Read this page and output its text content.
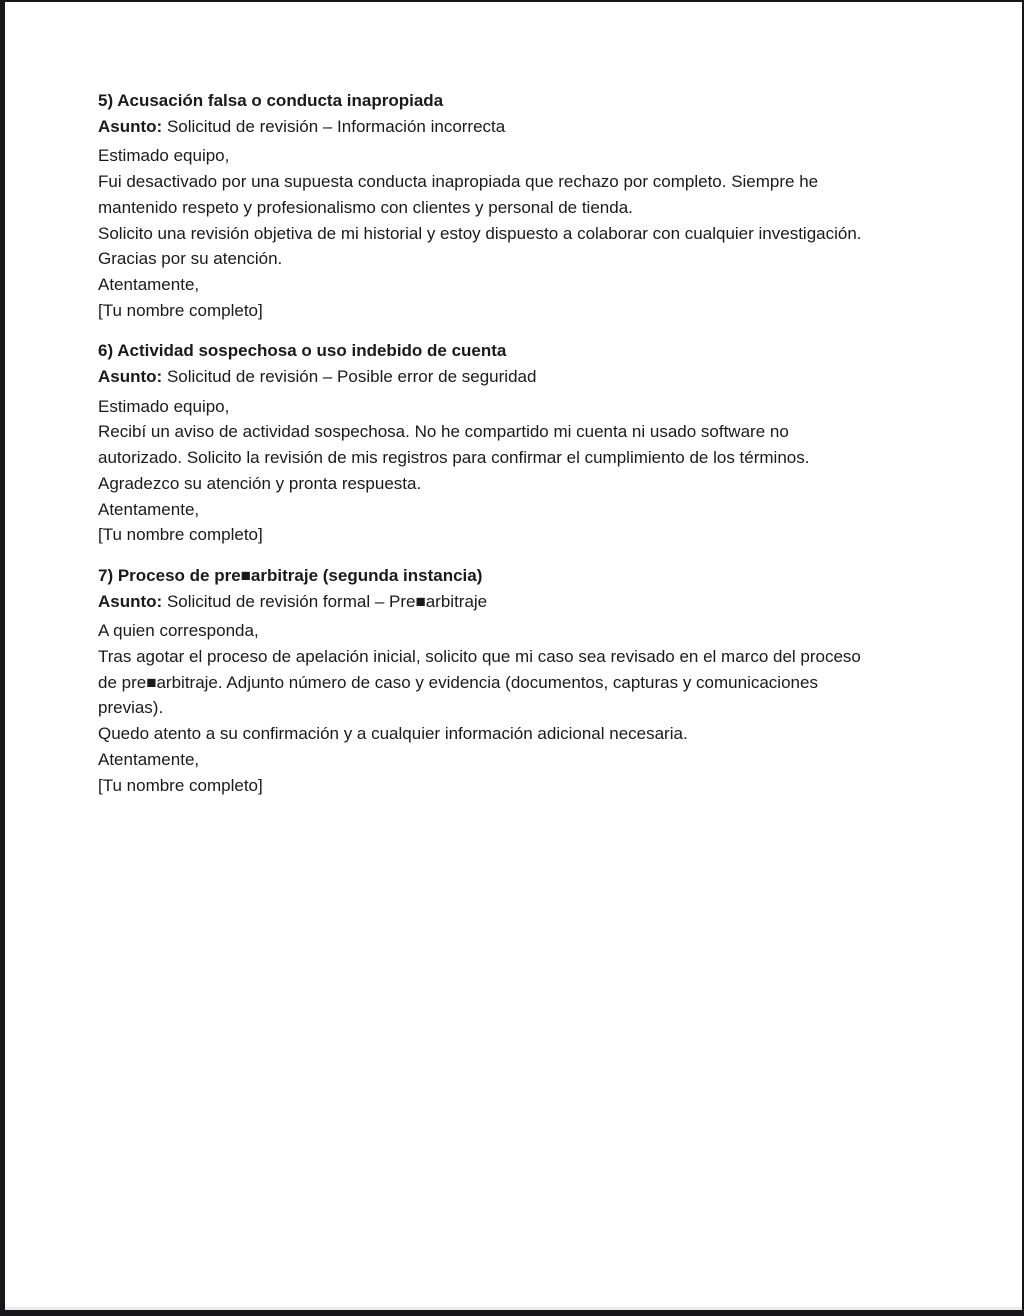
5) Acusación falsa o conducta inapropiada
Asunto: Solicitud de revisión – Información incorrecta

Estimado equipo,
Fui desactivado por una supuesta conducta inapropiada que rechazo por completo. Siempre he
mantenido respeto y profesionalismo con clientes y personal de tienda.
Solicito una revisión objetiva de mi historial y estoy dispuesto a colaborar con cualquier investigación.
Gracias por su atención.
Atentamente,
[Tu nombre completo]

6) Actividad sospechosa o uso indebido de cuenta
Asunto: Solicitud de revisión – Posible error de seguridad

Estimado equipo,
Recibí un aviso de actividad sospechosa. No he compartido mi cuenta ni usado software no
autorizado. Solicito la revisión de mis registros para confirmar el cumplimiento de los términos.
Agradezco su atención y pronta respuesta.
Atentamente,
[Tu nombre completo]

7) Proceso de pre■arbitraje (segunda instancia)
Asunto: Solicitud de revisión formal – Pre■arbitraje

A quien corresponda,
Tras agotar el proceso de apelación inicial, solicito que mi caso sea revisado en el marco del proceso
de pre■arbitraje. Adjunto número de caso y evidencia (documentos, capturas y comunicaciones
previas).
Quedo atento a su confirmación y a cualquier información adicional necesaria.
Atentamente,
[Tu nombre completo]
